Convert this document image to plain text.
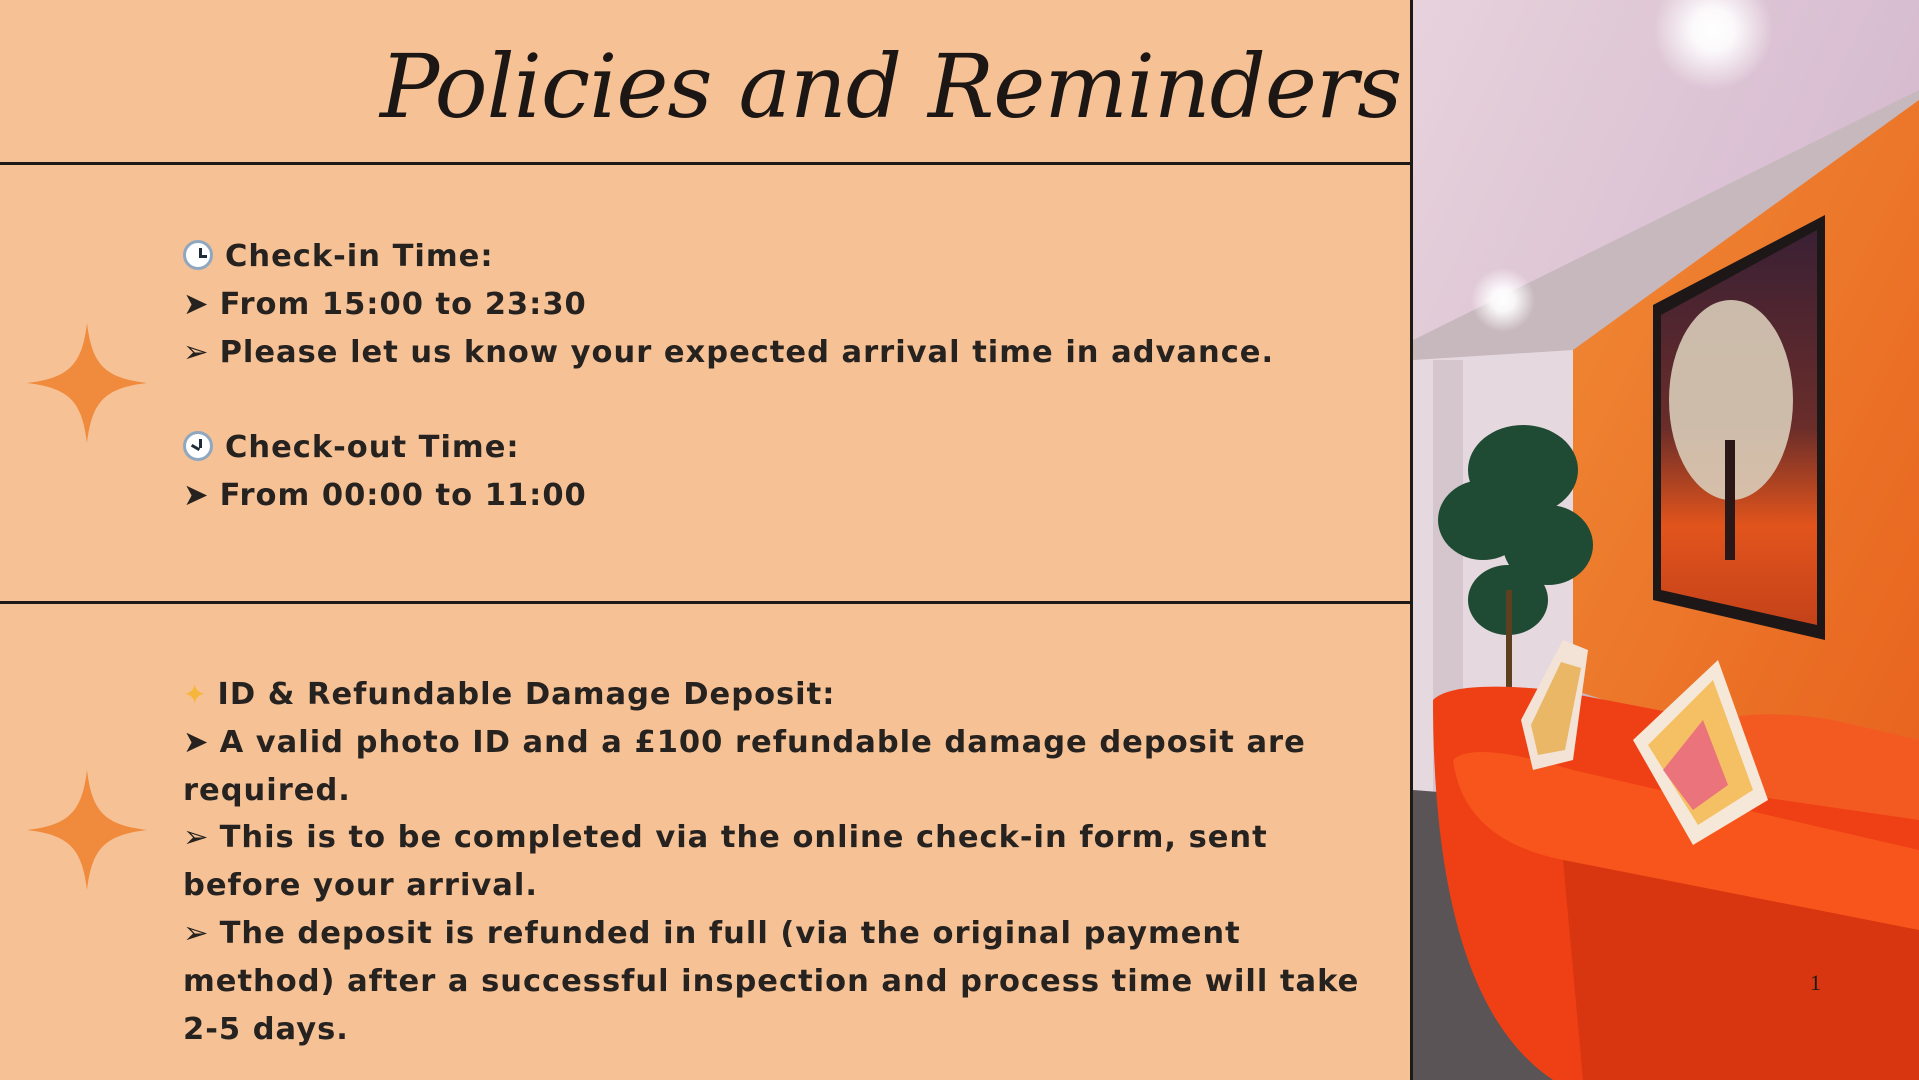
Policies and Reminders
Check-in Time:
➤ From 15:00 to 23:30
➢ Please let us know your expected arrival time in advance.
Check-out Time:
➤ From 00:00 to 11:00
✦ ID & Refundable Damage Deposit:
➤ A valid photo ID and a £100 refundable damage deposit are required.
➢ This is to be completed via the online check-in form, sent before your arrival.
➢ The deposit is refunded in full (via the original payment method) after a successful inspection and process time will take 2-5 days.
1
